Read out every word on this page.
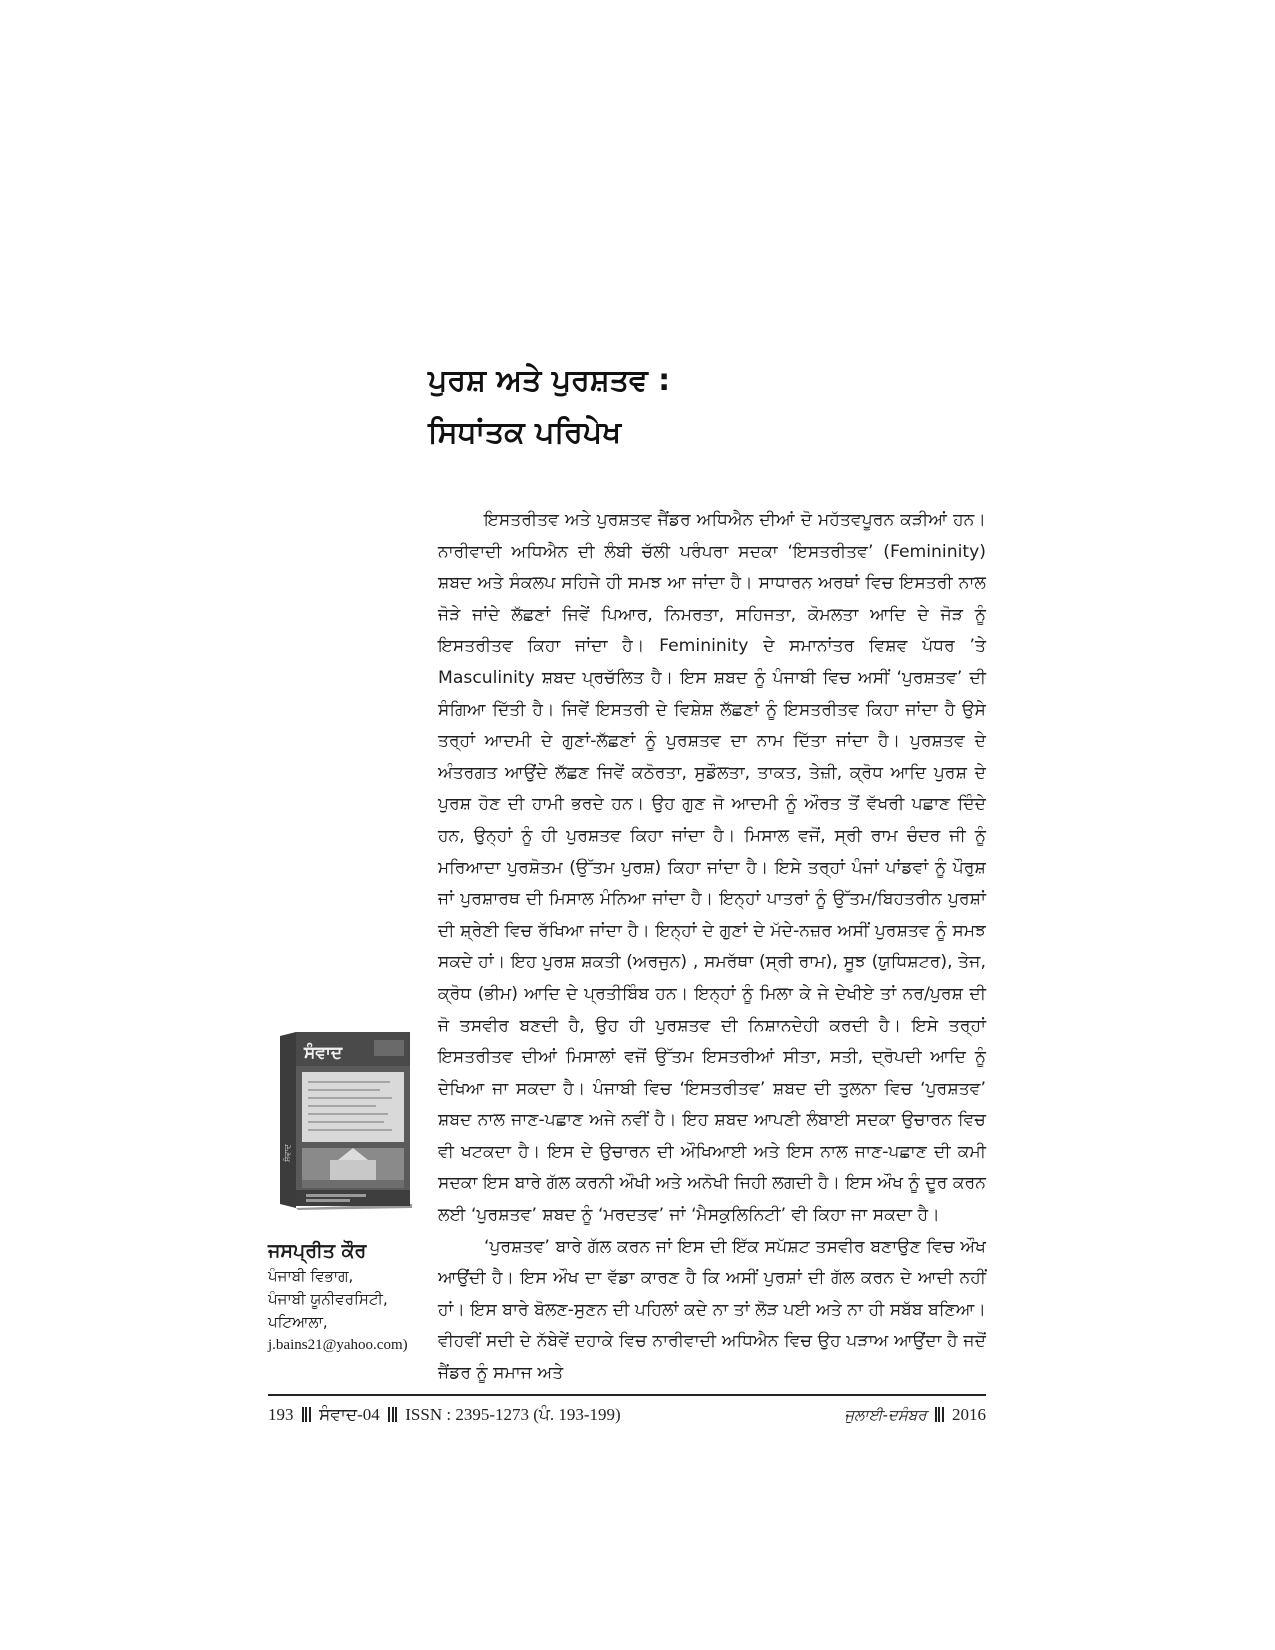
ਪੁਰਸ਼ ਅਤੇ ਪੁਰਸ਼ਤਵ :
ਸਿਧਾਂਤਕ ਪਰਿਪੇਖ

ਇਸਤਰੀਤਵ ਅਤੇ ਪੁਰਸ਼ਤਵ ਜੈਂਡਰ ਅਧਿਐਨ ਦੀਆਂ ਦੋ ਮਹੱਤਵਪੂਰਨ ਕੜੀਆਂ ਹਨ। ਨਾਰੀਵਾਦੀ ਅਧਿਐਨ ਦੀ ਲੰਬੀ ਚੱਲੀ ਪਰੰਪਰਾ ਸਦਕਾ ‘ਇਸਤਰੀਤਵ’ (Femininity) ਸ਼ਬਦ ਅਤੇ ਸੰਕਲਪ ਸਹਿਜੇ ਹੀ ਸਮਝ ਆ ਜਾਂਦਾ ਹੈ। ਸਾਧਾਰਨ ਅਰਥਾਂ ਵਿਚ ਇਸਤਰੀ ਨਾਲ ਜੋੜੇ ਜਾਂਦੇ ਲੱਛਣਾਂ ਜਿਵੇਂ ਪਿਆਰ, ਨਿਮਰਤਾ, ਸਹਿਜਤਾ, ਕੋਮਲਤਾ ਆਦਿ ਦੇ ਜੋੜ ਨੂੰ ਇਸਤਰੀਤਵ ਕਿਹਾ ਜਾਂਦਾ ਹੈ। Femininity ਦੇ ਸਮਾਨਾਂਤਰ ਵਿਸ਼ਵ ਪੱਧਰ ’ਤੇ Masculinity ਸ਼ਬਦ ਪ੍ਰਚੱਲਿਤ ਹੈ। ਇਸ ਸ਼ਬਦ ਨੂੰ ਪੰਜਾਬੀ ਵਿਚ ਅਸੀਂ ‘ਪੁਰਸ਼ਤਵ’ ਦੀ ਸੰਗਿਆ ਦਿੱਤੀ ਹੈ। ਜਿਵੇਂ ਇਸਤਰੀ ਦੇ ਵਿਸ਼ੇਸ਼ ਲੱਛਣਾਂ ਨੂੰ ਇਸਤਰੀਤਵ ਕਿਹਾ ਜਾਂਦਾ ਹੈ ਉਸੇ ਤਰ੍ਹਾਂ ਆਦਮੀ ਦੇ ਗੁਣਾਂ-ਲੱਛਣਾਂ ਨੂੰ ਪੁਰਸ਼ਤਵ ਦਾ ਨਾਮ ਦਿੱਤਾ ਜਾਂਦਾ ਹੈ। ਪੁਰਸ਼ਤਵ ਦੇ ਅੰਤਰਗਤ ਆਉਂਦੇ ਲੱਛਣ ਜਿਵੇਂ ਕਠੋਰਤਾ, ਸੁਡੌਲਤਾ, ਤਾਕਤ, ਤੇਜ਼ੀ, ਕ੍ਰੋਧ ਆਦਿ ਪੁਰਸ਼ ਦੇ ਪੁਰਸ਼ ਹੋਣ ਦੀ ਹਾਮੀ ਭਰਦੇ ਹਨ। ਉਹ ਗੁਣ ਜੋ ਆਦਮੀ ਨੂੰ ਔਰਤ ਤੋਂ ਵੱਖਰੀ ਪਛਾਣ ਦਿੰਦੇ ਹਨ, ਉਨ੍ਹਾਂ ਨੂੰ ਹੀ ਪੁਰਸ਼ਤਵ ਕਿਹਾ ਜਾਂਦਾ ਹੈ। ਮਿਸਾਲ ਵਜੋਂ, ਸ੍ਰੀ ਰਾਮ ਚੰਦਰ ਜੀ ਨੂੰ ਮਰਿਆਦਾ ਪੁਰਸ਼ੋਤਮ (ਉੱਤਮ ਪੁਰਸ਼) ਕਿਹਾ ਜਾਂਦਾ ਹੈ। ਇਸੇ ਤਰ੍ਹਾਂ ਪੰਜਾਂ ਪਾਂਡਵਾਂ ਨੂੰ ਪੌਰੁਸ਼ ਜਾਂ ਪੁਰਸ਼ਾਰਥ ਦੀ ਮਿਸਾਲ ਮੰਨਿਆ ਜਾਂਦਾ ਹੈ। ਇਨ੍ਹਾਂ ਪਾਤਰਾਂ ਨੂੰ ਉੱਤਮ/ਬਿਹਤਰੀਨ ਪੁਰਸ਼ਾਂ ਦੀ ਸ਼੍ਰੇਣੀ ਵਿਚ ਰੱਖਿਆ ਜਾਂਦਾ ਹੈ। ਇਨ੍ਹਾਂ ਦੇ ਗੁਣਾਂ ਦੇ ਮੱਦੇ-ਨਜ਼ਰ ਅਸੀਂ ਪੁਰਸ਼ਤਵ ਨੂੰ ਸਮਝ ਸਕਦੇ ਹਾਂ। ਇਹ ਪੁਰਸ਼ ਸ਼ਕਤੀ (ਅਰਜੁਨ) , ਸਮਰੱਥਾ (ਸ੍ਰੀ ਰਾਮ), ਸੂਝ (ਯੁਧਿਸ਼ਟਰ), ਤੇਜ, ਕ੍ਰੋਧ (ਭੀਮ) ਆਦਿ ਦੇ ਪ੍ਰਤੀਬਿੰਬ ਹਨ। ਇਨ੍ਹਾਂ ਨੂੰ ਮਿਲਾ ਕੇ ਜੇ ਦੇਖੀਏ ਤਾਂ ਨਰ/ਪੁਰਸ਼ ਦੀ ਜੋ ਤਸਵੀਰ ਬਣਦੀ ਹੈ, ਉਹ ਹੀ ਪੁਰਸ਼ਤਵ ਦੀ ਨਿਸ਼ਾਨਦੇਹੀ ਕਰਦੀ ਹੈ। ਇਸੇ ਤਰ੍ਹਾਂ ਇਸਤਰੀਤਵ ਦੀਆਂ ਮਿਸਾਲਾਂ ਵਜੋਂ ਉੱਤਮ ਇਸਤਰੀਆਂ ਸੀਤਾ, ਸਤੀ, ਦ੍ਰੋਪਦੀ ਆਦਿ ਨੂੰ ਦੇਖਿਆ ਜਾ ਸਕਦਾ ਹੈ। ਪੰਜਾਬੀ ਵਿਚ ‘ਇਸਤਰੀਤਵ’ ਸ਼ਬਦ ਦੀ ਤੁਲਨਾ ਵਿਚ ‘ਪੁਰਸ਼ਤਵ’ ਸ਼ਬਦ ਨਾਲ ਜਾਣ-ਪਛਾਣ ਅਜੇ ਨਵੀਂ ਹੈ। ਇਹ ਸ਼ਬਦ ਆਪਣੀ ਲੰਬਾਈ ਸਦਕਾ ਉਚਾਰਨ ਵਿਚ ਵੀ ਖਟਕਦਾ ਹੈ। ਇਸ ਦੇ ਉਚਾਰਨ ਦੀ ਔਖਿਆਈ ਅਤੇ ਇਸ ਨਾਲ ਜਾਣ-ਪਛਾਣ ਦੀ ਕਮੀ ਸਦਕਾ ਇਸ ਬਾਰੇ ਗੱਲ ਕਰਨੀ ਔਖੀ ਅਤੇ ਅਨੋਖੀ ਜਿਹੀ ਲਗਦੀ ਹੈ। ਇਸ ਔਖ ਨੂੰ ਦੂਰ ਕਰਨ ਲਈ ‘ਪੁਰਸ਼ਤਵ’ ਸ਼ਬਦ ਨੂੰ ‘ਮਰਦਤਵ’ ਜਾਂ ‘ਮੈਸਕੁਲਿਨਿਟੀ’ ਵੀ ਕਿਹਾ ਜਾ ਸਕਦਾ ਹੈ।

‘ਪੁਰਸ਼ਤਵ’ ਬਾਰੇ ਗੱਲ ਕਰਨ ਜਾਂ ਇਸ ਦੀ ਇੱਕ ਸਪੱਸ਼ਟ ਤਸਵੀਰ ਬਣਾਉਣ ਵਿਚ ਔਖ ਆਉਂਦੀ ਹੈ। ਇਸ ਔਖ ਦਾ ਵੱਡਾ ਕਾਰਣ ਹੈ ਕਿ ਅਸੀਂ ਪੁਰਸ਼ਾਂ ਦੀ ਗੱਲ ਕਰਨ ਦੇ ਆਦੀ ਨਹੀਂ ਹਾਂ। ਇਸ ਬਾਰੇ ਬੋਲਣ-ਸੁਣਨ ਦੀ ਪਹਿਲਾਂ ਕਦੇ ਨਾ ਤਾਂ ਲੋੜ ਪਈ ਅਤੇ ਨਾ ਹੀ ਸਬੱਬ ਬਣਿਆ। ਵੀਹਵੀਂ ਸਦੀ ਦੇ ਨੱਬੇਵੇਂ ਦਹਾਕੇ ਵਿਚ ਨਾਰੀਵਾਦੀ ਅਧਿਐਨ ਵਿਚ ਉਹ ਪੜਾਅ ਆਉਂਦਾ ਹੈ ਜਦੋਂ ਜੈਂਡਰ ਨੂੰ ਸਮਾਜ ਅਤੇ

ਸੰਵਾਦ
ਸੰਵਾਦ
ਜਸਪ੍ਰੀਤ ਕੌਰ
ਪੰਜਾਬੀ ਵਿਭਾਗ,
ਪੰਜਾਬੀ ਯੂਨੀਵਰਸਿਟੀ,
ਪਟਿਆਲਾ,
j.bains21@yahoo.com)
193 ਸੰਵਾਦ-04 ISSN : 2395-1273 (ਪੰ. 193-199)	ਜੁਲਾਈ-ਦਸੰਬਰ 2016
